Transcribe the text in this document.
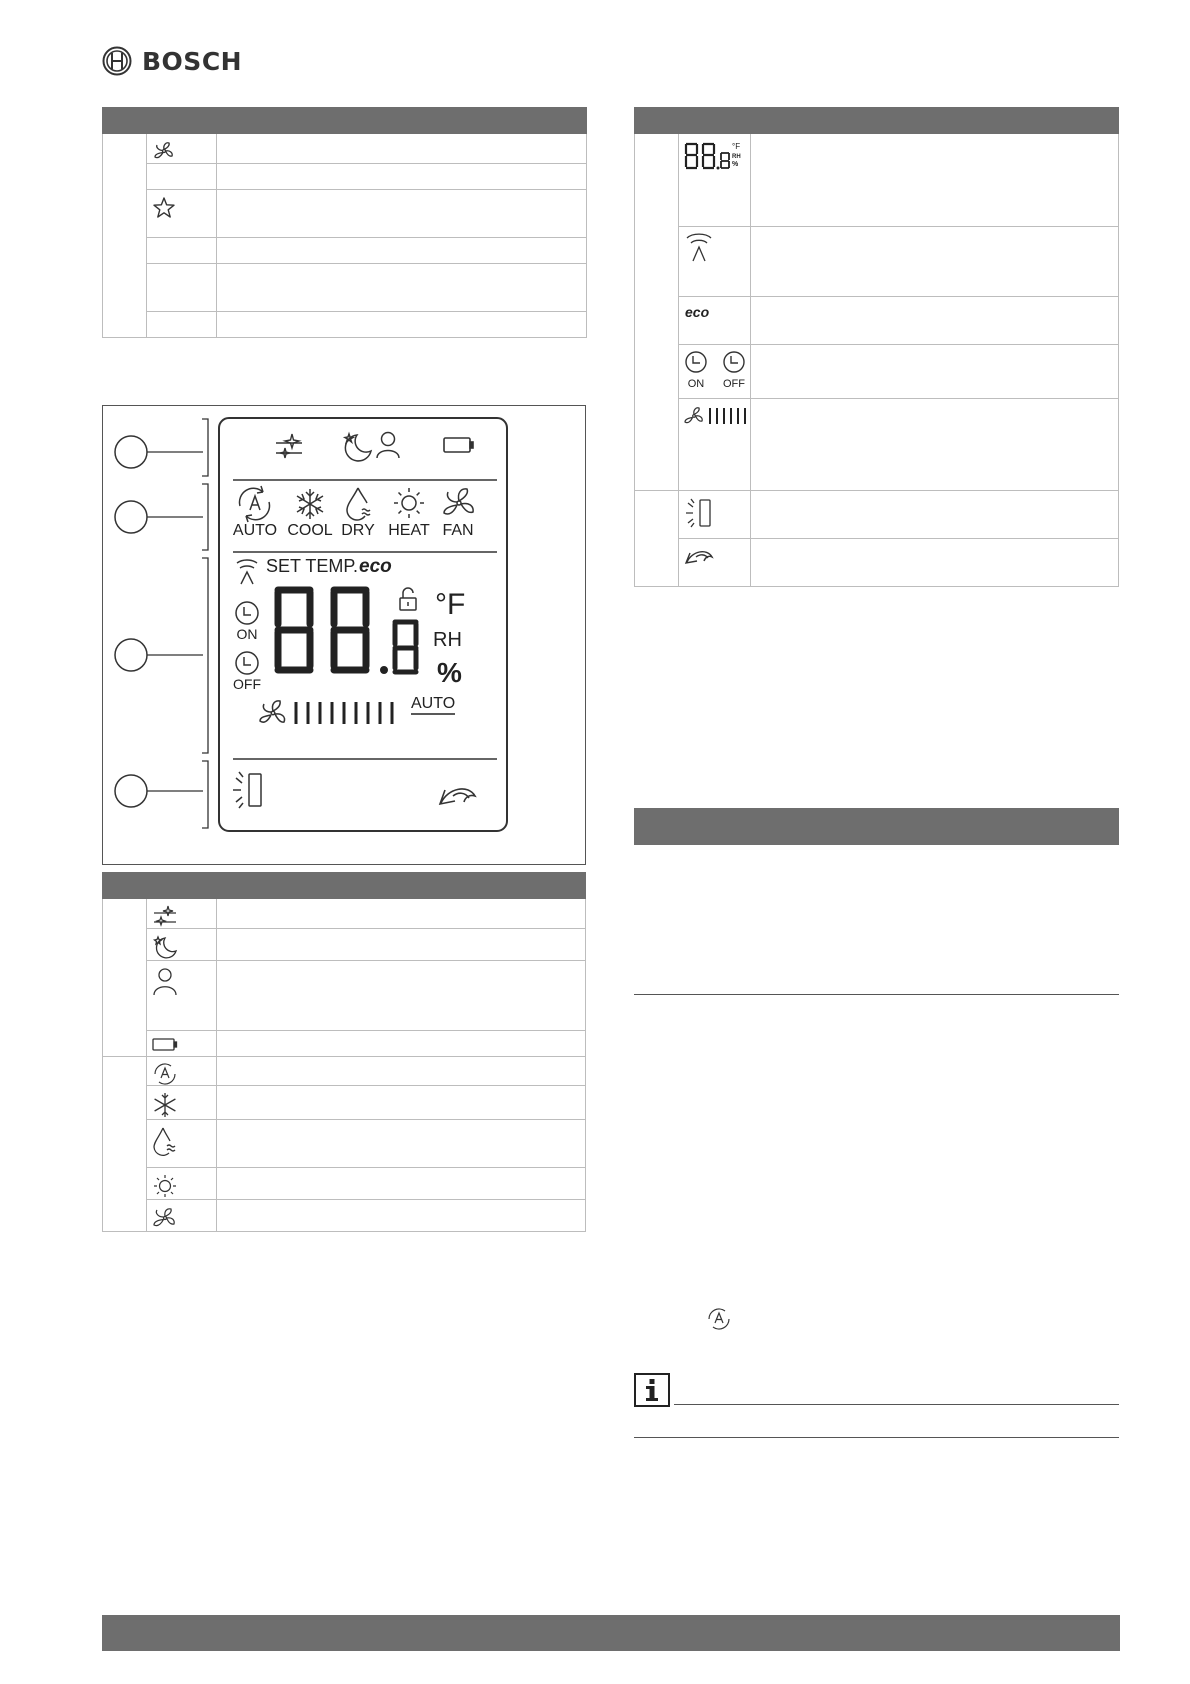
BOSCH

AUTO COOL DRY HEAT FAN
SET TEMP. eco
ON
OFF
°F
RH
%
AUTO

°F
RH
%	

eco	

ON OFF	
